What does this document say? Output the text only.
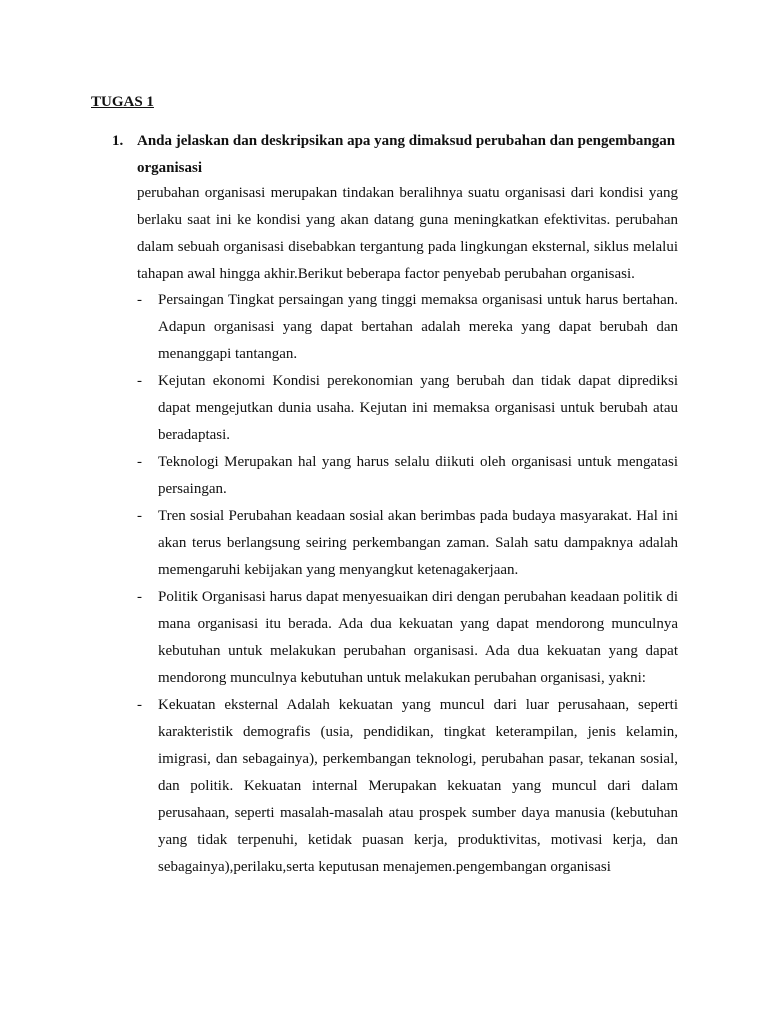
TUGAS 1
1. Anda jelaskan dan deskripsikan apa yang dimaksud perubahan dan pengembangan organisasi

perubahan organisasi merupakan tindakan beralihnya suatu organisasi dari kondisi yang berlaku saat ini ke kondisi yang akan datang guna meningkatkan efektivitas. perubahan dalam sebuah organisasi disebabkan tergantung pada lingkungan eksternal, siklus melalui tahapan awal hingga akhir.Berikut beberapa factor penyebab perubahan organisasi.

- Persaingan Tingkat persaingan yang tinggi memaksa organisasi untuk harus bertahan. Adapun organisasi yang dapat bertahan adalah mereka yang dapat berubah dan menanggapi tantangan.
- Kejutan ekonomi Kondisi perekonomian yang berubah dan tidak dapat diprediksi dapat mengejutkan dunia usaha. Kejutan ini memaksa organisasi untuk berubah atau beradaptasi.
- Teknologi Merupakan hal yang harus selalu diikuti oleh organisasi untuk mengatasi persaingan.
- Tren sosial Perubahan keadaan sosial akan berimbas pada budaya masyarakat. Hal ini akan terus berlangsung seiring perkembangan zaman. Salah satu dampaknya adalah memengaruhi kebijakan yang menyangkut ketenagakerjaan.
- Politik Organisasi harus dapat menyesuaikan diri dengan perubahan keadaan politik di mana organisasi itu berada. Ada dua kekuatan yang dapat mendorong munculnya kebutuhan untuk melakukan perubahan organisasi. Ada dua kekuatan yang dapat mendorong munculnya kebutuhan untuk melakukan perubahan organisasi, yakni:
- Kekuatan eksternal Adalah kekuatan yang muncul dari luar perusahaan, seperti karakteristik demografis (usia, pendidikan, tingkat keterampilan, jenis kelamin, imigrasi, dan sebagainya), perkembangan teknologi, perubahan pasar, tekanan sosial, dan politik. Kekuatan internal Merupakan kekuatan yang muncul dari dalam perusahaan, seperti masalah-masalah atau prospek sumber daya manusia (kebutuhan yang tidak terpenuhi, ketidak puasan kerja, produktivitas, motivasi kerja, dan sebagainya),perilaku,serta keputusan menajemen.pengembangan organisasi
